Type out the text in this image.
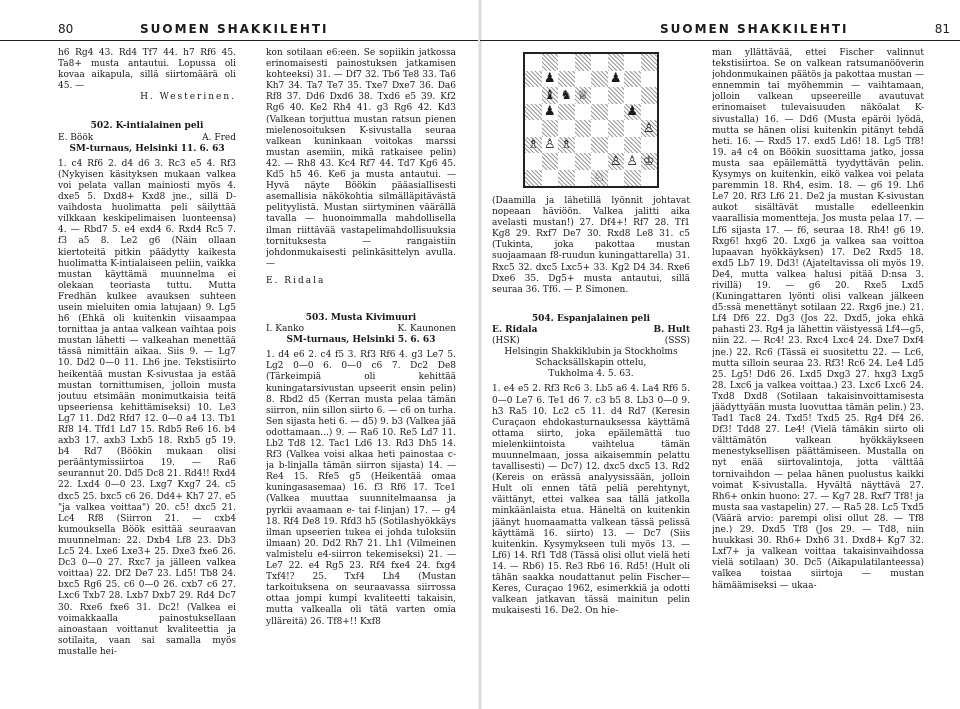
80	SUOMEN SHAKKILEHTI

h6 Rg4 43. Rd4 Tf7 44. h7 Rf6 45. Ta8+ musta antautui. Lopussa oli kovaa aikapula, sillä siirtomäärä oli 45. —

H. Westerinen.

502. K-intialainen peli

E. Böök	A. Fred

SM-turnaus, Helsinki 11. 6. 63

1. c4 Rf6 2. d4 d6 3. Rc3 e5 4. Rf3 (Nykyisen käsityksen mukaan valkea voi pelata vallan mainiosti myös 4. dxe5 5. Dxd8+ Kxd8 jne., sillä D-vaihdosta huolimatta peli säilyttää vilkkaan keskipelimaisen luonteensa) 4. — Rbd7 5. e4 exd4 6. Rxd4 Rc5 7. f3 a5 8. Le2 g6 (Näin ollaan kiertoteitä pitkin päädytty kaikesta huolimatta K-intialaiseen peliin, vaikka mustan käyttämä muunnelma ei olekaan teoriasta tuttu. Mutta Fredhän kulkee avauksen suhteen usein mieluiten omia latujaan) 9. Lg5 h6 (Ehkä oli kuitenkin viisaampaa tornittaa ja antaa valkean vaihtaa pois mustan lähetti — valkeahan menettää tässä nimittäin aikaa. Siis 9. — Lg7 10. Dd2 0—0 11. Lh6 jne. Tekstisiirto heikentää mustan K-sivustaa ja estää mustan tornittumisen, jolloin musta joutuu etsimään monimutkaisia teitä upseeriensa kehittämiseksi) 10. Le3 Lg7 11. Dd2 Rfd7 12. 0—0 a4 13. Tb1 Rf8 14. Tfd1 Ld7 15. Rdb5 Re6 16. b4 axb3 17. axb3 Lxb5 18. Rxb5 g5 19. b4 Rd7 (Böökin mukaan olisi perääntymissiirtoa 19. — Ra6 seurannut 20. Dd5 Dc8 21. Rd4!! Rxd4 22. Lxd4 0—0 23. Lxg7 Kxg7 24. c5 dxc5 25. bxc5 c6 26. Dd4+ Kh7 27. e5 "ja valkea voittaa") 20. c5! dxc5 21. Lc4 Rf8 (Siirron 21. — cxb4 kumouksella Böök esittää seuraavan muunnelman: 22. Dxb4 Lf8 23. Db3 Lc5 24. Lxe6 Lxe3+ 25. Dxe3 fxe6 26. Dc3 0—0 27. Rxc7 ja jälleen valkea voittaa) 22. Df2 De7 23. Ld5! Tb8 24. bxc5 Rg6 25. c6 0—0 26. cxb7 c6 27. Lxc6 Txb7 28. Lxb7 Dxb7 29. Rd4 Dc7 30. Rxe6 fxe6 31. Dc2! (Valkea ei voimakkaalla painostuksellaan ainoastaan voittanut kvaliteettia ja sotilaita, vaan sai samalla myös mustalle hei-

kon sotilaan e6:een. Se sopiikin jatkossa erinomaisesti painostuksen jatkamisen kohteeksi) 31. — Df7 32. Tb6 Te8 33. Ta6 Kh7 34. Ta7 Te7 35. Txe7 Dxe7 36. Da6 Rf8 37. Dd6 Dxd6 38. Txd6 e5 39. Kf2 Rg6 40. Ke2 Rh4 41. g3 Rg6 42. Kd3 (Valkean torjuttua mustan ratsun pienen mielenosoituksen K-sivustalla seuraa valkean kuninkaan voitokas marssi mustan asemiin, mikä ratkaisee pelin) 42. — Rh8 43. Kc4 Rf7 44. Td7 Kg6 45. Kd5 h5 46. Ke6 ja musta antautui. — Hyvä näyte Böökin pääasiallisesti asemallisia näkökohtia silmälläpitävästä pelityylistä. Mustan siirtyminen väärällä tavalla — huonoimmalla mahdollisella ilman riittävää vastapelimahdollisuuksia tornituksesta — rangaistiin johdonmukaisesti pelinkäsittelyn avulla. —

E. Ridala

503. Musta Kivimuuri

I. Kanko	K. Kaunonen

SM-turnaus, Helsinki 5. 6. 63

1. d4 e6 2. c4 f5 3. Rf3 Rf6 4. g3 Le7 5. Lg2 0—0 6. 0—0 c6 7. Dc2 De8 (Tärkeimpiä oli kehittää kuningatarsivustan upseerit ensin pelin) 8. Rbd2 d5 (Kerran musta pelaa tämän siirron, niin sillon siirto 6. — c6 on turha. Sen sijasta heti 6. — d5) 9. b3 (Valkea jää odottamaan...) 9. — Ra6 10. Re5 Ld7 11. Lb2 Td8 12. Tac1 Ld6 13. Rd3 Dh5 14. Rf3 (Valkea voisi alkaa heti painostaa c- ja b-linjalla tämän siirron sijasta) 14. — Re4 15. Rfe5 g5 (Heikentää omaa kuningasasemaa) 16. f3 Rf6 17. Tce1 (Valkea muuttaa suunnitelmaansa ja pyrkii avaamaan e- tai f-linjan) 17. — g4 18. Rf4 De8 19. Rfd3 h5 (Sotilashyökkäys ilman upseerien tukea ei johda tuloksiin ilmaan) 20. Dd2 Rh7 21. Lh1 (Vilmeinen valmistelu e4-siirron tekemiseksi) 21. — Le7 22. e4 Rg5 23. Rf4 fxe4 24. fxg4 Txf4!? 25. Txf4 Lh4 (Mustan tarkoituksena on seuraavassa siirrossa ottaa jompi kumpi kvaliteetti takaisin, mutta valkealla oli tätä varten omia ylläreitä) 26. Tf8+!! Kxf8

SUOMEN SHAKKILEHTI	81
♟	♟
♝ ♞ ♕
♟	♟
♙
♗ ♙ ♗
♙ ♙ ♔
♘

(Daamilla ja lähetillä lyönnit johtavat nopeaan häviöön. Valkea jalitti aika avelasti mustan!) 27. Df4+! Rf7 28. Tf1 Kg8 29. Rxf7 De7 30. Rxd8 Le8 31. c5 (Tukinta, joka pakottaa mustan suojaamaan f8-ruudun kuningattarella) 31. Rxc5 32. dxc5 Lxc5+ 33. Kg2 D4 34. Rxe6 Dxe6 35. Dg5+ musta antautui, sillä seuraa 36. Tf6. — P. Simonen.

504. Espanjalainen peli

E. Ridala	B. Hult
(HSK)	(SSS)

Helsingin Shakkiklubin ja Stockholms Schacksällskapin ottelu,

Tukholma 4. 5. 63.

1. e4 e5 2. Rf3 Rc6 3. Lb5 a6 4. La4 Rf6 5. 0—0 Le7 6. Te1 d6 7. c3 b5 8. Lb3 0—0 9. h3 Ra5 10. Lc2 c5 11. d4 Rd7 (Keresin Curaçaon ehdokasturnauksessa käyttämä ottama siirto, joka epäilemättä tuo mielenkiintoista vaihtelua tämän muunnelmaan, jossa aikaisemmin pelattu tavallisesti) — Dc7) 12. dxc5 dxc5 13. Rd2 (Kereis on erässä analyysissään, jolloin Hult oli ennen tätä peliä perehtynyt, väittänyt, ettei valkea saa tällä jatkolla minkäänlaista etua. Häneltä on kuitenkin jäänyt huomaamatta valkean tässä pelissä käyttämä 16. siirto) 13. — Dc7 (Siis kuitenkin. Kysymykseen tuli myös 13. — Lf6) 14. Rf1 Td8 (Tässä olisi ollut vielä heti 14. — Rb6) 15. Re3 Rb6 16. Rd5! (Hult oli tähän saakka noudattanut pelin Fischer—Keres, Curaçao 1962, esimerkkiä ja odotti valkean jatkavan tässä mainitun pelin mukaisesti 16. De2. On hie-

man yllättävää, ettei Fischer valinnut tekstisiirtoa. Se on valkean ratsumanööverin johdonmukainen päätös ja pakottaa mustan — ennemmin tai myöhemmin — vaihtamaan, jolloin valkean upseereille avautuvat erinomaiset tulevaisuuden näköalat K-sivustalla) 16. — Dd6 (Musta epäröi lyödä, mutta se hänen olisi kuitenkin pitänyt tehdä heti. 16. — Rxd5 17. exd5 Ld6! 18. Lg5 Tf8! 19. a4 c4 on Böökin suosittama jatko, jossa musta saa epäilemättä tyydyttävän pelin. Kysymys on kuitenkin, eikö valkea voi pelata paremmin 18. Rh4, esim. 18. — g6 19. Lh6 Le7 20. Rf3 Lf6 21. De2 ja mustan K-sivustan aukot sisältävät mustalle edelleenkin vaarallisia momentteja. Jos musta pelaa 17. — Lf6 sijasta 17. — f6, seuraa 18. Rh4! g6 19. Rxg6! hxg6 20. Lxg6 ja valkea saa voittoa lupaavan hyökkäyksen) 17. De2 Rxd5 18. exd5 Lb7 19. Dd3! (Ajateltavissa oli myös 19. De4, mutta valkea halusi pitää D:nsa 3. rivillä) 19. — g6 20. Rxe5 Lxd5 (Kuningattaren lyönti olisi valkean jälkeen d5:ssä menettänyt sotilaan 22. Rxg6 jne.) 21. Lf4 Df6 22. Dg3 (Jos 22. Dxd5, joka ehkä pahasti 23. Rg4 ja lähettin väistyessä Lf4—g5, niin 22. — Rc4! 23. Rxc4 Lxc4 24. Dxe7 Dxf4 jne.) 22. Rc6 (Tässä ei suositettu 22. — Lc6, mutta silloin seuraa 23. Rf3! Rc6 24. Le4 Ld5 25. Lg5! Dd6 26. Lxd5 Dxg3 27. hxg3 Lxg5 28. Lxc6 ja valkea voittaa.) 23. Lxc6 Lxc6 24. Txd8 Dxd8 (Sotilaan takaisinvoittamisesta jäädyttyään musta luovuttaa tämän pelin.) 23. Tad1 Tac8 24. Txd5! Txd5 25. Rg4 Df4 26. Df3! Tdd8 27. Le4! (Vielä tämäkin siirto oli välttämätön valkean hyökkäykseen menestyksellisen päättämiseen. Mustalla on nyt enää siirtovalintoja, jotta välttää tornivaihdon — pelaa hänen puolustus kaikki voimat K-sivustalla. Hyvältä näyttävä 27. Rh6+ onkin huono: 27. — Kg7 28. Rxf7 Tf8! ja musta saa vastapelin) 27. — Ra5 28. Lc5 Txd5 (Väärä arvio: parempi olisi ollut 28. — Tf8 jne.) 29. Dxd5 Tf8 (Jos 29. — Td8, niin huukkasi 30. Rh6+ Dxh6 31. Dxd8+ Kg7 32. Lxf7+ ja valkean voittaa takaisinvaihdossa vielä sotilaan) 30. Dc5 (Aikapulatilanteessa) valkea toistaa siirtoja — mustan hämäämiseksi — ukaa-
